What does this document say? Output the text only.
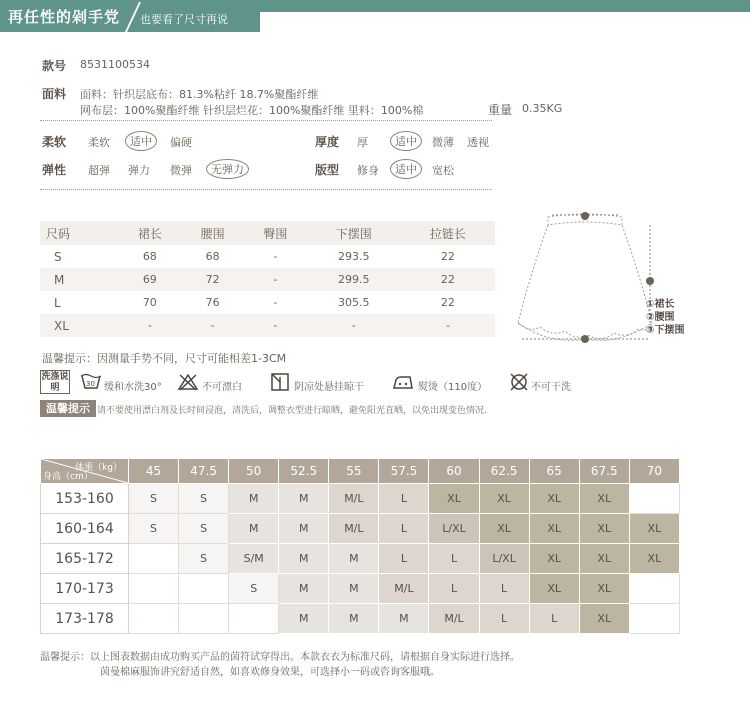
再任性的剁手党 也要看了尺寸再说
款号 8531100534
面料 面料：针织层底布：81.3%粘纤 18.7%聚酯纤维
网布层：100%聚酯纤维 针织层烂花：100%聚酯纤维 里料：100%棉	重量 0.35KG
柔软 柔软	适中	偏硬	厚度 厚	适中	微薄 透视
弹性 超弹 弹力 微弹	无弹力	版型 修身	适中	宽松
尺码	裙长	腰围	臀围	下摆围	拉链长
S	68	68	-	293.5	22
M	69	72	-	299.5	22
L	70	76	-	305.5	22
XL	-	-	-	-	-
①裙长
②腰围
③下摆围
温馨提示：因测量手势不同，尺寸可能相差1-3CM
洗涤说明	30 缓和水洗30°	不可漂白	阴凉处悬挂晾干	熨烫（110度）	不可干洗
温馨提示 请不要使用漂白剂及长时间浸泡，清洗后，调整衣型进行晾晒，避免阳光直晒，以免出现变色情况.
体重（kg）
身高（cm）	45	47.5	50	52.5	55	57.5	60	62.5	65	67.5	70
153-160	S	S	M	M	M/L	L	XL	XL	XL	XL	
160-164	S	S	M	M	M/L	L	L/XL	XL	XL	XL	XL
165-172		S	S/M	M	M	L	L	L/XL	XL	XL	XL
170-173			S	M	M	M/L	L	L	XL	XL	
173-178				M	M	M	M/L	L	L	XL	
温馨提示：以上图表数据由成功购买产品的茵符试穿得出。本款衣衣为标准尺码，请根据自身实际进行选择。
茵曼棉麻服饰讲究舒适自然，如喜欢修身效果，可选择小一码或咨询客服哦。
